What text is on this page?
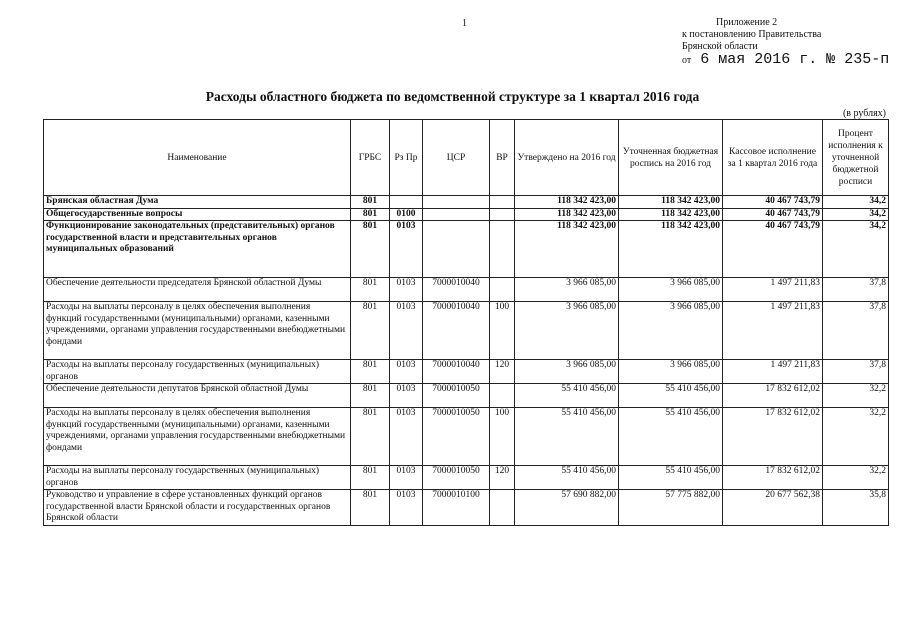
1	Приложение 2
к постановлению Правительства
Брянской области
от 6 мая 2016 г. № 235-п
Расходы областного бюджета по ведомственной структуре за 1 квартал 2016 года
(в рублях)
Наименование	ГРБС	Рз Пр	ЦСР	ВР	Утверждено на 2016 год	Уточненная бюджетная роспись на 2016 год	Кассовое исполнение за 1 квартал 2016 года	Процент исполнения к уточненной бюджетной росписи
Брянская областная Дума	801				118 342 423,00	118 342 423,00	40 467 743,79	34,2
Общегосударственные вопросы	801	0100			118 342 423,00	118 342 423,00	40 467 743,79	34,2
Функционирование законодательных (представительных) органов государственной власти и представительных органов муниципальных образований	801	0103			118 342 423,00	118 342 423,00	40 467 743,79	34,2
Обеспечение деятельности председателя Брянской областной Думы	801	0103	7000010040		3 966 085,00	3 966 085,00	1 497 211,83	37,8
Расходы на выплаты персоналу в целях обеспечения выполнения функций государственными (муниципальными) органами, казенными учреждениями, органами управления государственными внебюджетными фондами	801	0103	7000010040	100	3 966 085,00	3 966 085,00	1 497 211,83	37,8
Расходы на выплаты персоналу государственных (муниципальных) органов	801	0103	7000010040	120	3 966 085,00	3 966 085,00	1 497 211,83	37,8
Обеспечение деятельности депутатов Брянской областной Думы	801	0103	7000010050		55 410 456,00	55 410 456,00	17 832 612,02	32,2
Расходы на выплаты персоналу в целях обеспечения выполнения функций государственными (муниципальными) органами, казенными учреждениями, органами управления государственными внебюджетными фондами	801	0103	7000010050	100	55 410 456,00	55 410 456,00	17 832 612,02	32,2
Расходы на выплаты персоналу государственных (муниципальных) органов	801	0103	7000010050	120	55 410 456,00	55 410 456,00	17 832 612,02	32,2
Руководство и управление в сфере установленных функций органов государственной власти Брянской области и государственных органов Брянской области	801	0103	7000010100		57 690 882,00	57 775 882,00	20 677 562,38	35,8
